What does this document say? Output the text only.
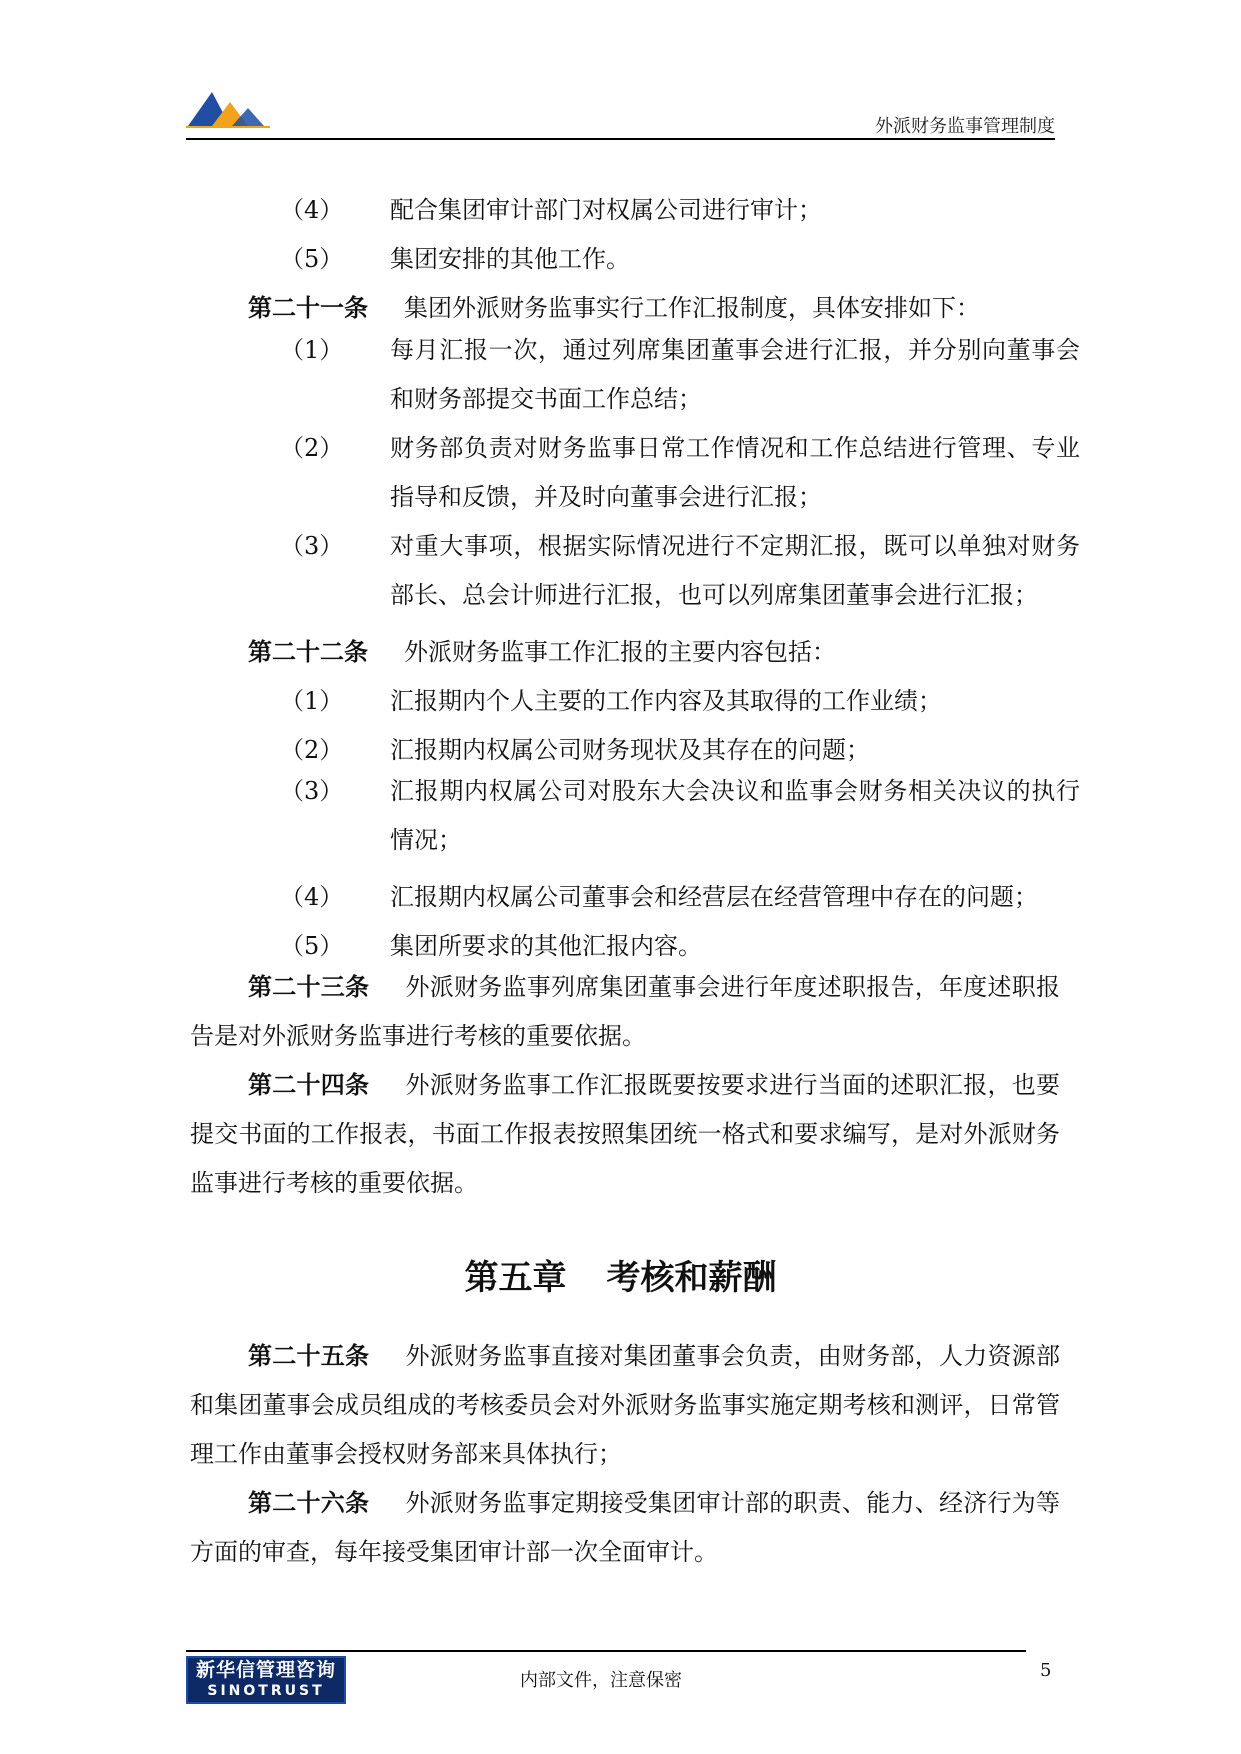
外派财务监事管理制度
（4） 配合集团审计部门对权属公司进行审计；
（5） 集团安排的其他工作。
第二十一条 集团外派财务监事实行工作汇报制度，具体安排如下：
（1） 每月汇报一次，通过列席集团董事会进行汇报，并分别向董事会和财务部提交书面工作总结；
（2） 财务部负责对财务监事日常工作情况和工作总结进行管理、专业指导和反馈，并及时向董事会进行汇报；
（3） 对重大事项，根据实际情况进行不定期汇报，既可以单独对财务部长、总会计师进行汇报，也可以列席集团董事会进行汇报；
第二十二条 外派财务监事工作汇报的主要内容包括：
（1） 汇报期内个人主要的工作内容及其取得的工作业绩；
（2） 汇报期内权属公司财务现状及其存在的问题；
（3） 汇报期内权属公司对股东大会决议和监事会财务相关决议的执行情况；
（4） 汇报期内权属公司董事会和经营层在经营管理中存在的问题；
（5） 集团所要求的其他汇报内容。
第二十三条 外派财务监事列席集团董事会进行年度述职报告，年度述职报告是对外派财务监事进行考核的重要依据。
第二十四条 外派财务监事工作汇报既要按要求进行当面的述职汇报，也要提交书面的工作报表，书面工作报表按照集团统一格式和要求编写，是对外派财务监事进行考核的重要依据。
第五章 考核和薪酬
第二十五条 外派财务监事直接对集团董事会负责，由财务部，人力资源部和集团董事会成员组成的考核委员会对外派财务监事实施定期考核和测评，日常管理工作由董事会授权财务部来具体执行；
第二十六条 外派财务监事定期接受集团审计部的职责、能力、经济行为等方面的审查，每年接受集团审计部一次全面审计。
新华信管理咨询
SINOTRUST	内部文件，注意保密	5
